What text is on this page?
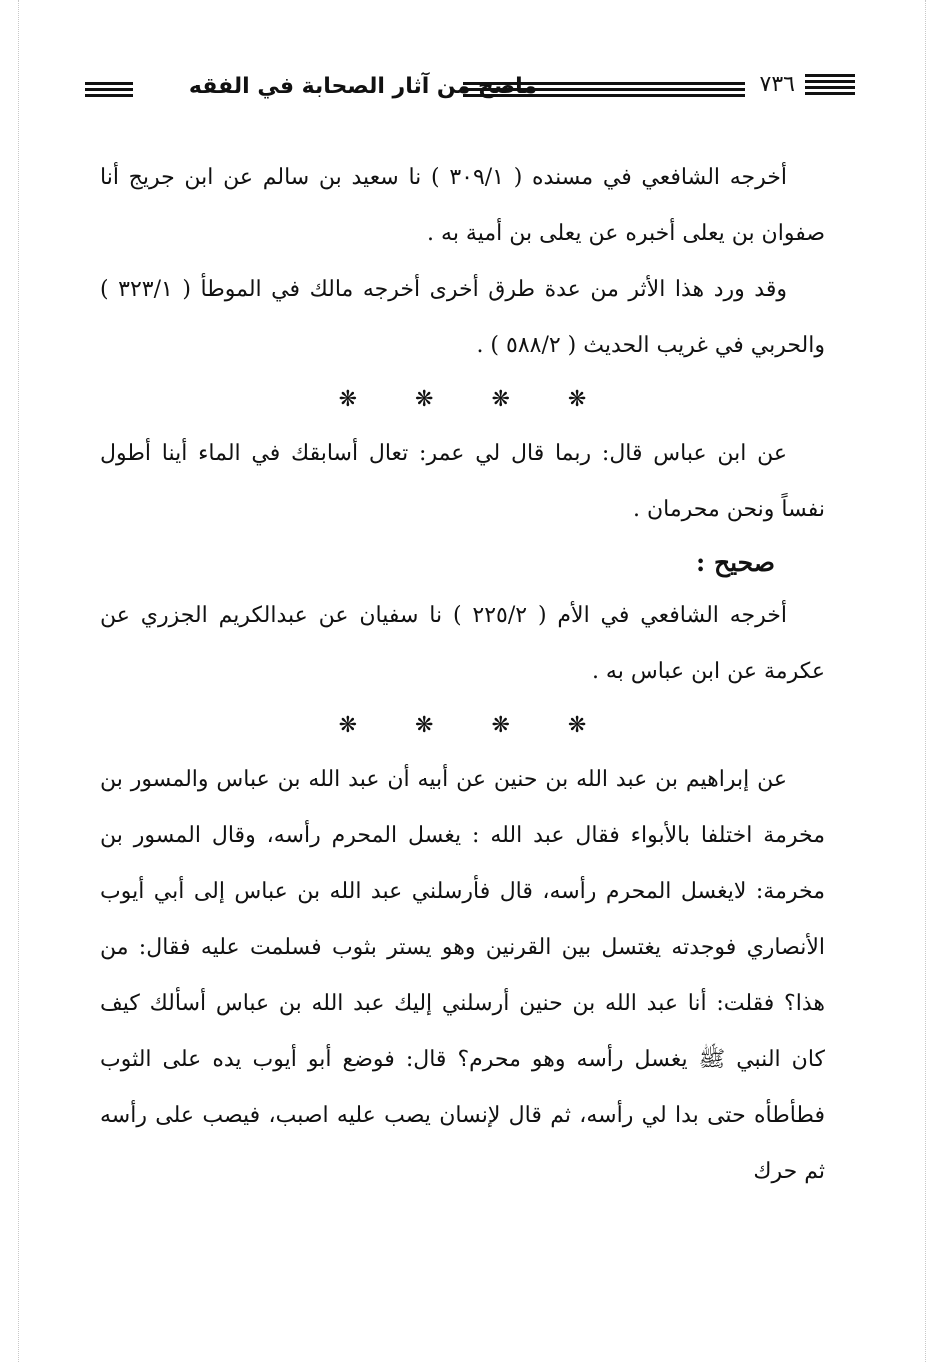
ماصح من آثار الصحابة في الفقه	٧٣٦

أخرجه الشافعي في مسنده ( ٣٠٩/١ ) نا سعيد بن سالم عن ابن جريج أنا صفوان بن يعلى أخبره عن يعلى بن أمية به .

وقد ورد هذا الأثر من عدة طرق أخرى أخرجه مالك في الموطأ ( ٣٢٣/١ ) والحربي في غريب الحديث ( ٥٨٨/٢ ) .

❋❋❋❋

عن ابن عباس قال: ربما قال لي عمر: تعال أسابقك في الماء أينا أطول نفساً ونحن محرمان .

صحيح :

أخرجه الشافعي في الأم ( ٢٢٥/٢ ) نا سفيان عن عبدالكريم الجزري عن عكرمة عن ابن عباس به .

❋❋❋❋

عن إبراهيم بن عبد الله بن حنين عن أبيه أن عبد الله بن عباس والمسور بن مخرمة اختلفا بالأبواء فقال عبد الله : يغسل المحرم رأسه، وقال المسور بن مخرمة: لايغسل المحرم رأسه، قال فأرسلني عبد الله بن عباس إلى أبي أيوب الأنصاري فوجدته يغتسل بين القرنين وهو يستر بثوب فسلمت عليه فقال: من هذا؟ فقلت: أنا عبد الله بن حنين أرسلني إليك عبد الله بن عباس أسألك كيف كان النبي ﷺ يغسل رأسه وهو محرم؟ قال: فوضع أبو أيوب يده على الثوب فطأطأه حتى بدا لي رأسه، ثم قال لإنسان يصب عليه اصبب، فيصب على رأسه ثم حرك
